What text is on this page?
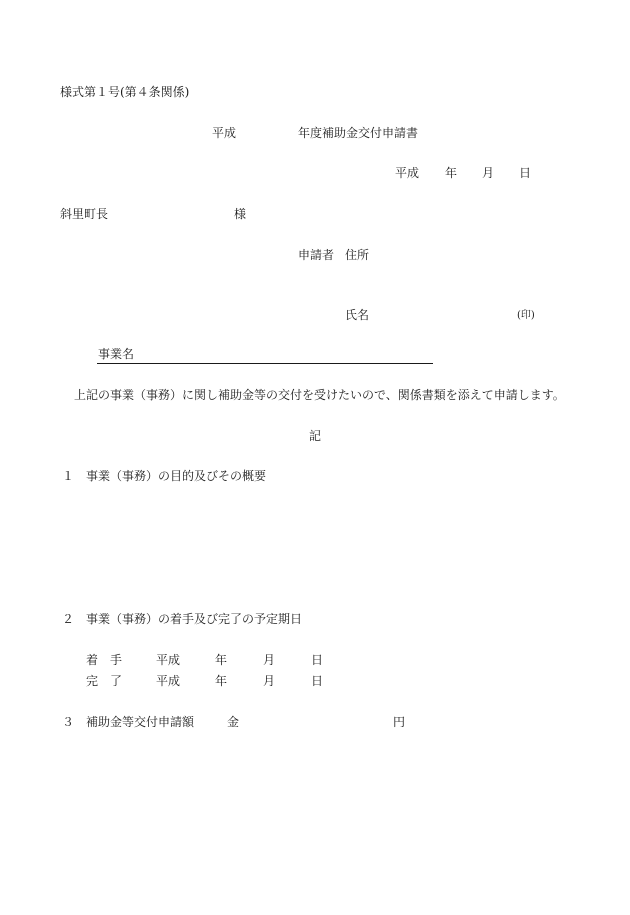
様式第１号(第４条関係)
平成	年度補助金交付申請書
平成 年 月 日
斜里町長	様
申請者 住所
氏名	(印)
事業名
上記の事業（事務）に関し補助金等の交付を受けたいので、関係書類を添えて申請します。
記
１ 事業（事務）の目的及びその概要
２ 事業（事務）の着手及び完了の予定期日
着　手	平成	年	月	日
完　了	平成	年	月	日
３ 補助金等交付申請額	金	円
